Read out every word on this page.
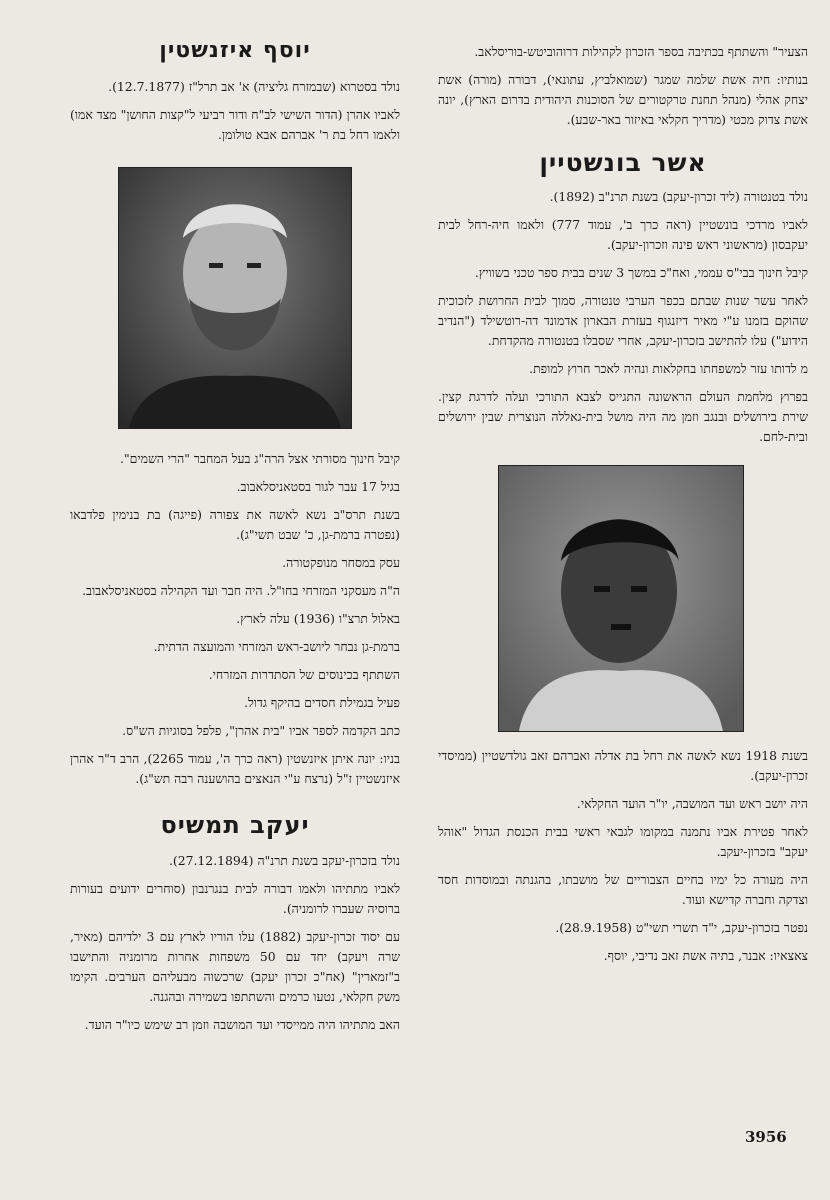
הצעיר" והשתתף בכתיבה בספר הזכרון לקהילות דרוהוביטש-בוריסלאב.

בנותיו: חיה אשת שלמה שמגר (שמואלביץ, עתונאי), דבורה (מורה) אשת יצחק אהלי (מנהל תחנת טרקטורים של הסוכנות היהודית בדרום הארץ), יונה אשת צדוק מכטי (מדריך חקלאי באיזור באר-שבע).

אשר בונשטיין

נולד בטנטורה (ליד זכרון-יעקב) בשנת תרנ"ב (1892).

לאביו מרדכי בונשטיין (ראה כרך ב', עמוד 777) ולאמו חיה-רחל לבית יעקבסון (מראשוני ראש פינה וזכרון-יעקב).

קיבל חינוך בבי"ס עממי, ואח"כ במשך 3 שנים בבית ספר טכני בשוויץ.

לאחר עשר שנות שבתם בכפר הערבי טנטורה, סמוך לבית החרושת לזכוכית שהוקם בזמנו ע"י מאיר דיזנגוף בעזרת הבארון אדמונד דה-רוטשילד ("הנדיב הידוע") עלו להתישב בזכרון-יעקב, אחרי שסבלו בטנטורה מהקדחת.

מ לדותו עזר למשפחתו בחקלאות ונהיה לאכר חרוץ למופת.

בפרוץ מלחמת העולם הראשונה התגייס לצבא התורכי ועלה לדרגת קצין. שירת בירושלים ובנגב וזמן מה היה מושל בית-גאללה הנוצרית שבין ירושלים ובית-לחם.

בשנת 1918 נשא לאשה את רחל בת אדלה ואברהם זאב גולדשטיין (ממיסדי זכרון-יעקב).

היה יושב ראש ועד המושבה, יו"ר הועד החקלאי.

לאחר פטירת אביו נתמנה במקומו לגבאי ראשי בבית הכנסת הגדול "אוהל יעקב" בזכרון-יעקב.

היה מעורה כל ימיו בחיים הצבוריים של מושבתו, בהגנתה ובמוסדות חסד וצדקה וחברה קדישא ועוד.

נפטר בזכרון-יעקב, י"ד תשרי תשי"ט (28.9.1958).

צאצאיו: אבנר, בתיה אשת זאב נדיבי, יוסף.

יוסף איזנשטין

נולד בסטרוא (שבמזרח גליציה) א' אב תרל"ז (12.7.1877).

לאביו אהרן (הדור השישי לב"ח ודור רביעי ל"קצות החושן" מצד אמו) ולאמו רחל בת ר' אברהם אבא טולומן.

קיבל חינוך מסורתי אצל הרה"ג בעל המחבר "הרי השמים".

בגיל 17 עבר לגור בסטאניסלאבוב.

בשנת תרס"ב נשא לאשה את צפורה (פייגה) בת בנימין פלדבאו (נפטרה ברמת-גן, כ' שבט תשי"ג).

עסק במסחר מנופקטורה.

ה"ה מעסקני המזרחי בחו"ל. היה חבר ועד הקהילה בסטאניסלאבוב.

באלול תרצ"ו (1936) עלה לארץ.

ברמת-גן נבחר ליושב-ראש המזרחי והמועצה הדתית.

השתתף בכינוסים של הסתדרות המזרחי.

פעיל בגמילת חסדים בהיקף גדול.

כתב הקדמה לספר אביו "בית אהרן", פלפל בסוגיות הש"ס.

בניו: יונה איתן איזנשטין (ראה כרך ה', עמוד 2265), הרב ד"ר אהרן איזנשטיין ז"ל (נרצח ע"י הנאצים בהושענה רבה תש"ג).

יעקב תמשיס

נולד בזכרון-יעקב בשנת תרנ"ה (27.12.1894).

לאביו מתתיהו ולאמו דבורה לבית בנגרנבון (סוחרים ידועים בעורות ברוסיה שעברו לרומניה).

עם יסוד זכרון-יעקב (1882) עלו הוריו לארץ עם 3 ילדיהם (מאיר, שרה ויעקב) יחד עם 50 משפחות אחרות מרומניה והתישבו ב"זמארין" (אח"כ זכרון יעקב) שרכשוה מבעליהם הערבים. הקימו משק חקלאי, נטעו כרמים והשתתפו בשמירה ובהגנה.

האב מתתיהו היה ממייסדי ועד המושבה וזמן רב שימש כיו"ר הועד.

3956
